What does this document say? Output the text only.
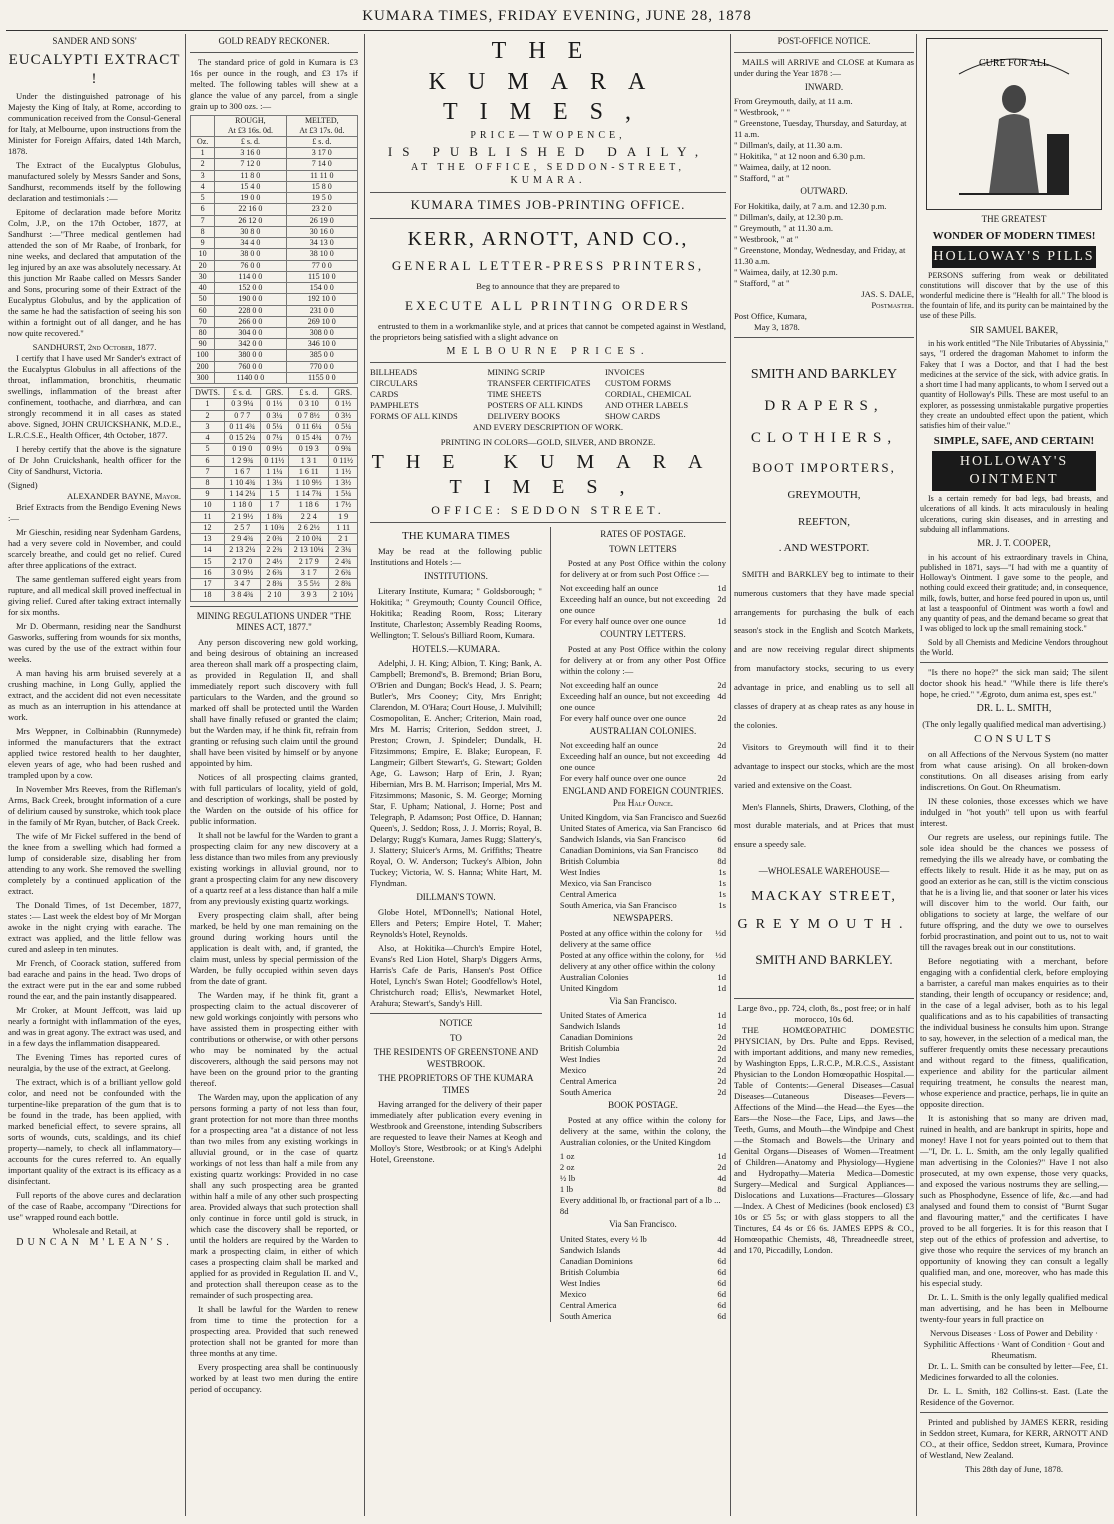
KUMARA TIMES, FRIDAY EVENING, JUNE 28, 1878
SANDER AND SONS'
EUCALYPTI EXTRACT !

Under the distinguished patronage of his Majesty the King of Italy, at Rome, according to communication received from the Consul-General for Italy, at Melbourne, upon instructions from the Minister for Foreign Affairs, dated 14th March, 1878.

The Extract of the Eucalyptus Globulus, manufactured solely by Messrs Sander and Sons, Sandhurst, recommends itself by the following declaration and testimonials :—

Epitome of declaration made before Moritz Colm, J.P., on the 17th October, 1877, at Sandhurst :—"Three medical gentlemen had attended the son of Mr Raabe, of Ironbark, for nine weeks, and declared that amputation of the leg injured by an axe was absolutely necessary. At this junction Mr Raabe called on Messrs Sander and Sons, procuring some of their Extract of the Eucalyptus Globulus, and by the application of the same he had the satisfaction of seeing his son within a fortnight out of all danger, and he has now quite recovered."

SANDHURST, 2nd October, 1877.

I certify that I have used Mr Sander's extract of the Eucalyptus Globulus in all affections of the throat, inflammation, bronchitis, rheumatic swellings, inflammation of the breast after confinement, toothache, and diarrhœa, and can strongly recommend it in all cases as stated above. Signed, JOHN CRUICKSHANK, M.D.E., L.R.C.S.E., Health Officer, 4th October, 1877.

I hereby certify that the above is the signature of Dr John Cruickshank, health officer for the City of Sandhurst, Victoria.

(Signed)
ALEXANDER BAYNE, Mayor.

Brief Extracts from the Bendigo Evening News :—

Mr Gieschin, residing near Sydenham Gardens, had a very severe cold in November, and could scarcely breathe, and could get no relief. Cured after three applications of the extract.

The same gentleman suffered eight years from rupture, and all medical skill proved ineffectual in giving relief. Cured after taking extract internally for six months.

Mr D. Obermann, residing near the Sandhurst Gasworks, suffering from wounds for six months, was cured by the use of the extract within four weeks.

A man having his arm bruised severely at a crushing machine, in Long Gully, applied the extract, and the accident did not even necessitate as much as an interruption in his attendance at work.

Mrs Weppner, in Colbinabbin (Runnymede) informed the manufacturers that the extract applied twice restored health to her daughter, eleven years of age, who had been rushed and trampled upon by a cow.

In November Mrs Reeves, from the Rifleman's Arms, Back Creek, brought information of a cure of delirium caused by sunstroke, which took place in the family of Mr Ryan, butcher, of Back Creek.

The wife of Mr Fickel suffered in the bend of the knee from a swelling which had formed a lump of considerable size, disabling her from attending to any work. She removed the swelling completely by a continued application of the extract.

The Donald Times, of 1st December, 1877, states :— Last week the eldest boy of Mr Morgan awoke in the night crying with earache. The extract was applied, and the little fellow was cured and asleep in ten minutes.

Mr French, of Coorack station, suffered from bad earache and pains in the head. Two drops of the extract were put in the ear and some rubbed round the ear, and the pain instantly disappeared.

Mr Croker, at Mount Jeffcott, was laid up nearly a fortnight with inflammation of the eyes, and was in great agony. The extract was used, and in a few days the inflammation disappeared.

The Evening Times has reported cures of neuralgia, by the use of the extract, at Geelong.

The extract, which is of a brilliant yellow gold color, and need not be confounded with the turpentine-like preparation of the gum that is to be found in the trade, has been applied, with marked beneficial effect, to severe sprains, all sorts of wounds, cuts, scaldings, and its chief property—namely, to check all inflammatory—accounts for the cures referred to. An equally important quality of the extract is its efficacy as a disinfectant.

Full reports of the above cures and declaration of the case of Raabe, accompany "Directions for use" wrapped round each bottle.

Wholesale and Retail, at
DUNCAN M'LEAN'S.
GOLD READY RECKONER.

The standard price of gold in Kumara is £3 16s per ounce in the rough, and £3 17s if melted. The following tables will shew at a glance the value of any parcel, from a single grain up to 300 ozs. :—

	ROUGH,
At £3 16s. 0d.	MELTED,
At £3 17s. 0d.
Oz.	£ s. d.	£ s. d.
1	3 16 0	3 17 0
2	7 12 0	7 14 0
3	11 8 0	11 11 0
4	15 4 0	15 8 0
5	19 0 0	19 5 0
6	22 16 0	23 2 0
7	26 12 0	26 19 0
8	30 8 0	30 16 0
9	34 4 0	34 13 0
10	38 0 0	38 10 0
20	76 0 0	77 0 0
30	114 0 0	115 10 0
40	152 0 0	154 0 0
50	190 0 0	192 10 0
60	228 0 0	231 0 0
70	266 0 0	269 10 0
80	304 0 0	308 0 0
90	342 0 0	346 10 0
100	380 0 0	385 0 0
200	760 0 0	770 0 0
300	1140 0 0	1155 0 0
DWTS.	£ s. d.	GRS.	£ s. d.	GRS.
1	0 3 9¼	0 1½	0 3 10	0 1½
2	0 7 7	0 3¼	0 7 8½	0 3½
3	0 11 4¾	0 5¼	0 11 6¼	0 5¼
4	0 15 2¼	0 7¼	0 15 4¾	0 7½
5	0 19 0	0 9½	0 19 3	0 9¾
6	1 2 9¾	0 11½	1 3 1	0 11½
7	1 6 7	1 1¼	1 6 11	1 1½
8	1 10 4¾	1 3¼	1 10 9½	1 3½
9	1 14 2¼	1 5	1 14 7¾	1 5¼
10	1 18 0	1 7	1 18 6	1 7½
11	2 1 9½	1 8¾	2 2 4	1 9
12	2 5 7	1 10¾	2 6 2½	1 11
13	2 9 4¾	2 0¾	2 10 0¾	2 1
14	2 13 2¼	2 2¾	2 13 10¼	2 3¼
15	2 17 0	2 4½	2 17 9	2 4¾
16	3 0 9½	2 6¾	3 1 7	2 6¾
17	3 4 7	2 8¾	3 5 5½	2 8¾
18	3 8 4¾	2 10	3 9 3	2 10½
MINING REGULATIONS UNDER "THE MINES ACT, 1877."

Any person discovering new gold working, and being desirous of obtaining an increased area thereon shall mark off a prospecting claim, as provided in Regulation II, and shall immediately report such discovery with full particulars to the Warden, and the ground so marked off shall be protected until the Warden shall have finally refused or granted the claim; but the Warden may, if he think fit, refrain from granting or refusing such claim until the ground shall have been visited by himself or by anyone appointed by him.

Notices of all prospecting claims granted, with full particulars of locality, yield of gold, and description of workings, shall be posted by the Warden on the outside of his office for public information.

It shall not be lawful for the Warden to grant a prospecting claim for any new discovery at a less distance than two miles from any previously existing workings in alluvial ground, nor to grant a prospecting claim for any new discovery of a quartz reef at a less distance than half a mile from any previously existing quartz workings.

Every prospecting claim shall, after being marked, be held by one man remaining on the ground during working hours until the application is dealt with, and, if granted, the claim must, unless by special permission of the Warden, be fully occupied within seven days from the date of grant.

The Warden may, if he think fit, grant a prospecting claim to the actual discoverer of new gold workings conjointly with persons who have assisted them in prospecting either with contributions or otherwise, or with other persons who may be nominated by the actual discoverers, although the said persons may not have been on the ground prior to the granting thereof.

The Warden may, upon the application of any persons forming a party of not less than four, grant protection for not more than three months for a prospecting area "at a distance of not less than two miles from any existing workings in alluvial ground, or in the case of quartz workings of not less than half a mile from any existing quartz workings: Provided in no case shall any such prospecting area be granted within half a mile of any other such prospecting area. Provided always that such protection shall only continue in force until gold is struck, in which case the discovery shall be reported, or until the holders are required by the Warden to mark a prospecting claim, in either of which cases a prospecting claim shall be marked and applied for as provided in Regulation II. and V., and protection shall thereupon cease as to the remainder of such prospecting area.

It shall be lawful for the Warden to renew from time to time the protection for a prospecting area. Provided that such renewed protection shall not be granted for more than three months at any time.

Every prospecting area shall be continuously worked by at least two men during the entire period of occupancy.

THE KUMARA TIMES,
PRICE—TWOPENCE,
IS PUBLISHED DAILY,
AT THE OFFICE, SEDDON-STREET,
KUMARA.
KUMARA TIMES JOB-PRINTING OFFICE.
KERR, ARNOTT, AND CO.,
GENERAL LETTER-PRESS PRINTERS,
Beg to announce that they are prepared to
EXECUTE ALL PRINTING ORDERS

entrusted to them in a workmanlike style, and at prices that cannot be competed against in Westland, the proprietors being satisfied with a slight advance on

MELBOURNE PRICES.
BILLHEADS	MINING SCRIP	INVOICES
CIRCULARS	TRANSFER CERTIFICATES	CUSTOM FORMS
CARDS	TIME SHEETS	CORDIAL, CHEMICAL
PAMPHLETS	POSTERS OF ALL KINDS	AND OTHER LABELS
FORMS OF ALL KINDS	DELIVERY BOOKS	SHOW CARDS
AND EVERY DESCRIPTION OF WORK.
PRINTING IN COLORS—GOLD, SILVER, AND BRONZE.
THE KUMARA TIMES,
OFFICE: SEDDON STREET.
THE KUMARA TIMES

May be read at the following public Institutions and Hotels :—

INSTITUTIONS.

Literary Institute, Kumara; " Goldsborough; " Hokitika; " Greymouth; County Council Office, Hokitika; Reading Room, Ross; Literary Institute, Charleston; Assembly Reading Rooms, Wellington; T. Selous's Billiard Room, Kumara.

HOTELS.—KUMARA.

Adelphi, J. H. King; Albion, T. King; Bank, A. Campbell; Bremond's, B. Bremond; Brian Boru, O'Brien and Dungan; Bock's Head, J. S. Pearn; Butler's, Mrs Cooney; City, Mrs Enright; Clarendon, M. O'Hara; Court House, J. Mulvihill; Cosmopolitan, E. Ancher; Criterion, Main road, Mrs M. Harris; Criterion, Seddon street, J. Preston; Crown, J. Spindeler; Dundalk, H. Fitzsimmons; Empire, E. Blake; European, F. Langmeir; Gilbert Stewart's, G. Stewart; Golden Age, G. Lawson; Harp of Erin, J. Ryan; Hibernian, Mrs B. M. Harrison; Imperial, Mrs M. Fitzsimmons; Masonic, S. M. George; Morning Star, F. Upham; National, J. Horne; Post and Telegraph, P. Adamson; Post Office, D. Hannan; Queen's, J. Seddon; Ross, J. J. Morris; Royal, B. Delargy; Rugg's Kumara, James Rugg; Slattery's, J. Slattery; Sluicer's Arms, M. Griffiths; Theatre Royal, O. W. Anderson; Tuckey's Albion, John Tuckey; Victoria, W. S. Hanna; White Hart, M. Flyndman.

DILLMAN'S TOWN.

Globe Hotel, M'Donnell's; National Hotel, Ellers and Peters; Empire Hotel, T. Maher; Reynolds's Hotel, Reynolds.

Also, at Hokitika—Church's Empire Hotel, Evans's Red Lion Hotel, Sharp's Diggers Arms, Harris's Cafe de Paris, Hansen's Post Office Hotel, Lynch's Swan Hotel; Goodfellow's Hotel, Christchurch road; Ellis's, Newmarket Hotel, Arahura; Stewart's, Sandy's Hill.

NOTICE
TO
THE RESIDENTS OF GREENSTONE AND WESTBROOK.
THE PROPRIETORS OF THE KUMARA TIMES

Having arranged for the delivery of their paper immediately after publication every evening in Westbrook and Greenstone, intending Subscribers are requested to leave their Names at Keogh and Molloy's Store, Westbrook; or at King's Adelphi Hotel, Greenstone.

RATES OF POSTAGE.
TOWN LETTERS

Posted at any Post Office within the colony for delivery at or from such Post Office :—

Not exceeding half an ounce	1d
Exceeding half an ounce, but not exceeding one ounce
2d
For every half ounce over one ounce	1d
COUNTRY LETTERS.

Posted at any Post Office within the colony for delivery at or from any other Post Office within the colony :—

Not exceeding half an ounce	2d
Exceeding half an ounce, but not exceeding one ounce
4d
For every half ounce over one ounce	2d
AUSTRALIAN COLONIES.
Not exceeding half an ounce	2d
Exceeding half an ounce, but not exceeding one ounce
4d
For every half ounce over one ounce	2d
ENGLAND AND FOREIGN COUNTRIES. Per Half Ounce.
United Kingdom, via San Francisco and Suez 6d
United States of America, via San Francisco 6d
Sandwich Islands, via San Francisco	6d
Canadian Dominions, via San Francisco 8d
British Columbia	8d
West Indies	1s
Mexico, via San Francisco	1s
Central America	1s
South America, via San Francisco	1s
NEWSPAPERS.
Posted at any office within the colony for delivery at the same office
½d
Posted at any office within the colony, for delivery at any other office within the colony
½d
Australian Colonies	1d
United Kingdom	1d
Via San Francisco.
United States of America	1d
Sandwich Islands	1d
Canadian Dominions	2d
British Columbia	2d
West Indies	2d
Mexico	2d
Central America	2d
South America	2d
BOOK POSTAGE.

Posted at any office within the colony for delivery at the same, within the colony, the Australian colonies, or the United Kingdom

1 oz	1d
2 oz	2d
½ lb	4d
1 lb	8d
Every additional lb, or fractional part of a lb ... 8d
Via San Francisco.
United States, every ½ lb	4d
Sandwich Islands	4d
Canadian Dominions	6d
British Columbia	6d
West Indies	6d
Mexico	6d
Central America	6d
South America	6d
POST-OFFICE NOTICE.

MAILS will ARRIVE and CLOSE at Kumara as under during the Year 1878 :—

INWARD.
From Greymouth, daily, at 11 a.m.
" Westbrook, " "
" Greenstone, Tuesday, Thursday, and Saturday, at 11 a.m.
" Dillman's, daily, at 11.30 a.m.
" Hokitika, " at 12 noon and 6.30 p.m.
" Waimea, daily, at 12 noon.
" Stafford, " at "
OUTWARD.
For Hokitika, daily, at 7 a.m. and 12.30 p.m.
" Dillman's, daily, at 12.30 p.m.
" Greymouth, " at 11.30 a.m.
" Westbrook, " at "
" Greenstone, Monday, Wednesday, and Friday, at 11.30 a.m.
" Waimea, daily, at 12.30 p.m.
" Stafford, " at "
JAS. S. DALE,
Postmaster.
Post Office, Kumara,
May 3, 1878.
SMITH AND BARKLEY
DRAPERS,
CLOTHIERS,
BOOT IMPORTERS,
GREYMOUTH,
REEFTON,
. AND WESTPORT.

SMITH and BARKLEY beg to intimate to their numerous customers that they have made special arrangements for purchasing the bulk of each season's stock in the English and Scotch Markets, and are now receiving regular direct shipments from manufactory stocks, securing to us every advantage in price, and enabling us to sell all classes of drapery at as cheap rates as any house in the colonies.

Visitors to Greymouth will find it to their advantage to inspect our stocks, which are the most varied and extensive on the Coast.

Men's Flannels, Shirts, Drawers, Clothing, of the most durable materials, and at Prices that must ensure a speedy sale.

—WHOLESALE WAREHOUSE—
MACKAY STREET,
GREYMOUTH.
SMITH AND BARKLEY.
Large 8vo., pp. 724, cloth, 8s., post free; or in half morocco, 10s 6d.

THE HOMŒOPATHIC DOMESTIC PHYSICIAN, by Drs. Pulte and Epps. Revised, with important additions, and many new remedies, by Washington Epps, L.R.C.P., M.R.C.S., Assistant Physician to the London Homœopathic Hospital.—Table of Contents:—General Diseases—Casual Diseases—Cutaneous Diseases—Fevers—Affections of the Mind—the Head—the Eyes—the Ears—the Nose—the Face, Lips, and Jaws—the Teeth, Gums, and Mouth—the Windpipe and Chest—the Stomach and Bowels—the Urinary and Genital Organs—Diseases of Women—Treatment of Children—Anatomy and Physiology—Hygiene and Hydropathy—Materia Medica—Domestic Surgery—Medical and Surgical Appliances—Dislocations and Luxations—Fractures—Glossary—Index. A Chest of Medicines (book enclosed) £3 10s or £5 5s; or with glass stoppers to all the Tinctures, £4 4s or £6 6s. JAMES EPPS & CO., Homœopathic Chemists, 48, Threadneedle street, and 170, Piccadilly, London.

CURE FOR ALL
THE GREATEST
WONDER OF MODERN TIMES!
HOLLOWAY'S PILLS

PERSONS suffering from weak or debilitated constitutions will discover that by the use of this wonderful medicine there is "Health for all." The blood is the fountain of life, and its purity can be maintained by the use of these Pills.

SIR SAMUEL BAKER,

in his work entitled "The Nile Tributaries of Abyssinia," says, "I ordered the dragoman Mahomet to inform the Fakey that I was a Doctor, and that I had the best medicines at the service of the sick, with advice gratis. In a short time I had many applicants, to whom I served out a quantity of Holloway's Pills. These are most useful to an explorer, as possessing unmistakable purgative properties they create an undoubted effect upon the patient, which satisfies him of their value."

SIMPLE, SAFE, AND CERTAIN!
HOLLOWAY'S OINTMENT

Is a certain remedy for bad legs, bad breasts, and ulcerations of all kinds. It acts miraculously in healing ulcerations, curing skin diseases, and in arresting and subduing all inflammations.

MR. J. T. COOPER,

in his account of his extraordinary travels in China, published in 1871, says—"I had with me a quantity of Holloway's Ointment. I gave some to the people, and nothing could exceed their gratitude; and, in consequence, milk, fowls, butter, and horse feed poured in upon us, until at last a teaspoonful of Ointment was worth a fowl and any quantity of peas, and the demand became so great that I was obliged to lock up the small remaining stock."

Sold by all Chemists and Medicine Vendors throughout the World.

"Is there no hope?" the sick man said; The silent doctor shook his head." "While there is life there's hope, he cried." "Ægroto, dum anima est, spes est."

DR. L. L. SMITH,
(The only legally qualified medical man advertising.)
CONSULTS

on all Affections of the Nervous System (no matter from what cause arising). On all broken-down constitutions. On all diseases arising from early indiscretions. On Gout. On Rheumatism.

IN these colonies, those excesses which we have indulged in "hot youth" tell upon us with fearful interest.

Our regrets are useless, our repinings futile. The sole idea should be the chances we possess of remedying the ills we already have, or combating the effects likely to result. Hide it as he may, put on as good an exterior as he can, still is the victim conscious that he is a living lie, and that sooner or later his vices will discover him to the world. Our faith, our obligations to society at large, the welfare of our future offspring, and the duty we owe to ourselves forbid procrastination, and point out to us, not to wait till the ravages break out in our constitutions.

Before negotiating with a merchant, before engaging with a confidential clerk, before employing a barrister, a careful man makes enquiries as to their standing, their length of occupancy or residence; and, in the case of a legal adviser, both as to his legal qualifications and as to his capabilities of transacting the individual business he consults him upon. Strange to say, however, in the selection of a medical man, the sufferer frequently omits these necessary precautions and without regard to the fitness, qualification, experience and ability for the particular ailment requiring treatment, he consults the nearest man, whose experience and practice, perhaps, lie in quite an opposite direction.

It is astonishing that so many are driven mad, ruined in health, and are bankrupt in spirits, hope and money! Have I not for years pointed out to them that—"I, Dr. L. L. Smith, am the only legally qualified man advertising in the Colonies?" Have I not also prosecuted, at my own expense, those very quacks, and exposed the various nostrums they are selling,—such as Phosphodyne, Essence of life, &c.—and had analysed and found them to consist of "Burnt Sugar and flavouring matter," and the certificates I have proved to be all forgeries. It is for this reason that I step out of the ethics of profession and advertise, to give those who require the services of my branch an opportunity of knowing they can consult a legally qualified man, and one, moreover, who has made this his especial study.

Dr. L. L. Smith is the only legally qualified medical man advertising, and he has been in Melbourne twenty-four years in full practice on

Nervous Diseases · Loss of Power and Debility · Syphilitic Affections · Want of Condition · Gout and Rheumatism.

Dr. L. L. Smith can be consulted by letter—Fee, £1. Medicines forwarded to all the colonies.

Dr. L. L. Smith, 182 Collins-st. East. (Late the Residence of the Governor.

Printed and published by JAMES KERR, residing in Seddon street, Kumara, for KERR, ARNOTT AND CO., at their office, Seddon street, Kumara, Province of Westland, New Zealand.

This 28th day of June, 1878.
